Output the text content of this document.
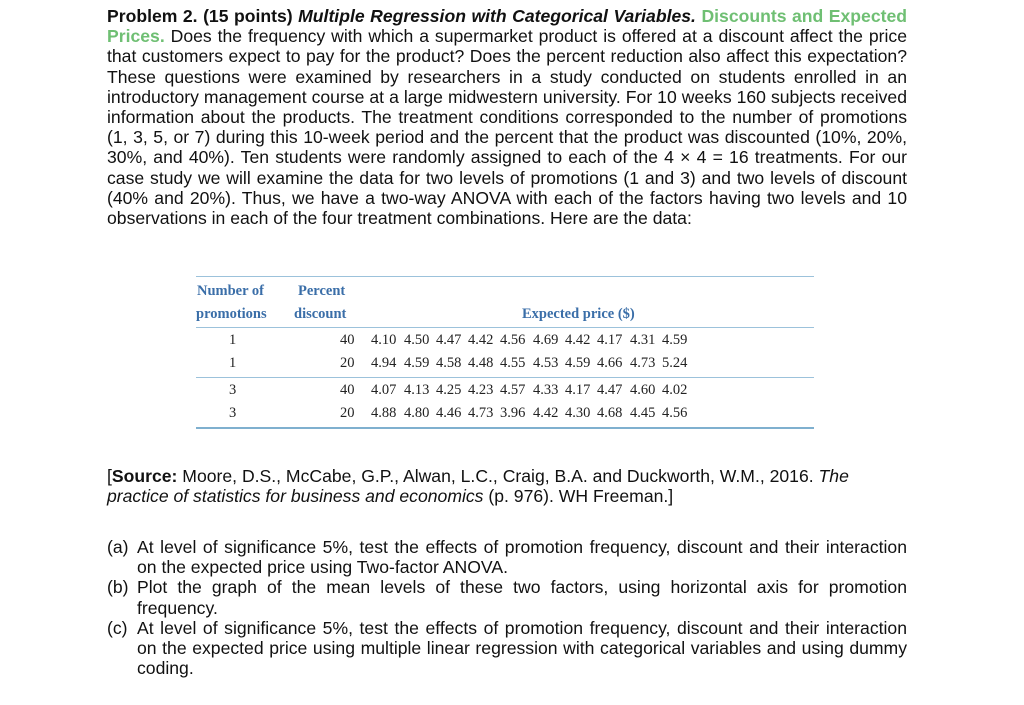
Problem 2. (15 points) Multiple Regression with Categorical Variables. Discounts and Expected Prices. Does the frequency with which a supermarket product is offered at a discount affect the price that customers expect to pay for the product? Does the percent reduction also affect this expectation? These questions were examined by researchers in a study conducted on students enrolled in an introductory management course at a large midwestern university. For 10 weeks 160 subjects received information about the products. The treatment conditions corresponded to the number of promotions (1, 3, 5, or 7) during this 10-week period and the percent that the product was discounted (10%, 20%, 30%, and 40%). Ten students were randomly assigned to each of the 4 × 4 = 16 treatments. For our case study we will examine the data for two levels of promotions (1 and 3) and two levels of discount (40% and 20%). Thus, we have a two-way ANOVA with each of the factors having two levels and 10 observations in each of the four treatment combinations. Here are the data:

Number of
promotions
Percent
discount	Expected price ($)
1	40 4.10 4.50 4.47 4.42 4.56 4.69 4.42 4.17 4.31 4.59
1	20 4.94 4.59 4.58 4.48 4.55 4.53 4.59 4.66 4.73 5.24
3	40 4.07 4.13 4.25 4.23 4.57 4.33 4.17 4.47 4.60 4.02
3	20 4.88 4.80 4.46 4.73 3.96 4.42 4.30 4.68 4.45 4.56

[Source: Moore, D.S., McCabe, G.P., Alwan, L.C., Craig, B.A. and Duckworth, W.M., 2016. The practice of statistics for business and economics (p. 976). WH Freeman.]

(a) At level of significance 5%, test the effects of promotion frequency, discount and their interaction on the expected price using Two-factor ANOVA.
(b) Plot the graph of the mean levels of these two factors, using horizontal axis for promotion frequency.
(c) At level of significance 5%, test the effects of promotion frequency, discount and their interaction on the expected price using multiple linear regression with categorical variables and using dummy coding.
